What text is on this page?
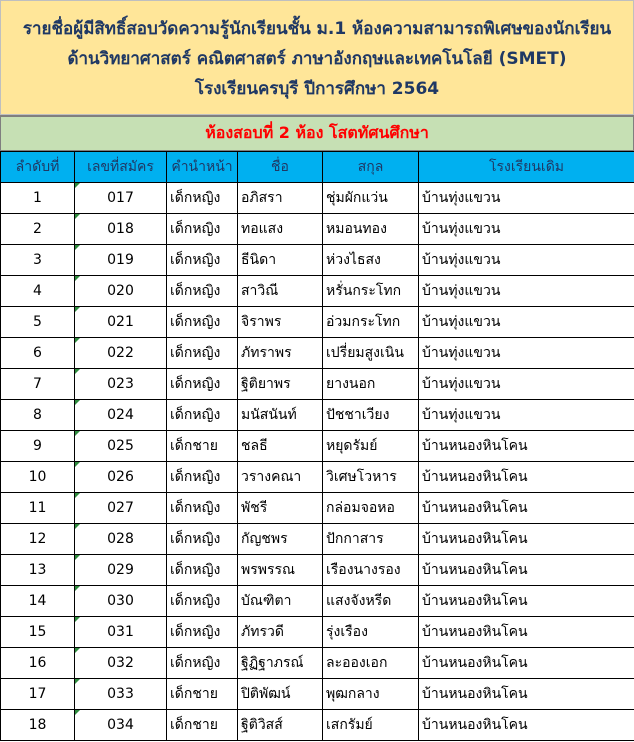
รายชื่อผู้มีสิทธิ์สอบวัดความรู้นักเรียนชั้น ม.1 ห้องความสามารถพิเศษของนักเรียน
ด้านวิทยาศาสตร์ คณิตศาสตร์ ภาษาอังกฤษและเทคโนโลยี (SMET)
โรงเรียนครบุรี ปีการศึกษา 2564
ห้องสอบที่ 2 ห้อง โสตทัศนศึกษา
ลำดับที่	เลขที่สมัคร	คำนำหน้า	ชื่อ	สกุล	โรงเรียนเดิม
1	017	เด็กหญิง	อภิสรา	ชุ่มผักแว่น	บ้านทุ่งแขวน
2	018	เด็กหญิง	ทอแสง	หมอนทอง	บ้านทุ่งแขวน
3	019	เด็กหญิง	ธีนิดา	ห่วงไธสง	บ้านทุ่งแขวน
4	020	เด็กหญิง	สาวิณี	หรั่นกระโทก	บ้านทุ่งแขวน
5	021	เด็กหญิง	จิราพร	อ่วมกระโทก	บ้านทุ่งแขวน
6	022	เด็กหญิง	ภัทราพร	เปรี่ยมสูงเนิน	บ้านทุ่งแขวน
7	023	เด็กหญิง	ฐิติยาพร	ยางนอก	บ้านทุ่งแขวน
8	024	เด็กหญิง	มนัสนันท์	ปัชชาเวียง	บ้านทุ่งแขวน
9	025	เด็กชาย	ชลธี	หยุดรัมย์	บ้านหนองหินโคน
10	026	เด็กหญิง	วรางคณา	วิเศษโวหาร	บ้านหนองหินโคน
11	027	เด็กหญิง	พัชรี	กล่อมจอหอ	บ้านหนองหินโคน
12	028	เด็กหญิง	กัญชพร	ปักกาสาร	บ้านหนองหินโคน
13	029	เด็กหญิง	พรพรรณ	เรืองนางรอง	บ้านหนองหินโคน
14	030	เด็กหญิง	บัณฑิตา	แสงจังหรีด	บ้านหนองหินโคน
15	031	เด็กหญิง	ภัทรวดี	รุ่งเรือง	บ้านหนองหินโคน
16	032	เด็กหญิง	ฐิฏิฐาภรณ์	ละอองเอก	บ้านหนองหินโคน
17	033	เด็กชาย	ปิติพัฒน์	พุฒกลาง	บ้านหนองหินโคน
18	034	เด็กชาย	ฐิติวิสส์	เสกรัมย์	บ้านหนองหินโคน
